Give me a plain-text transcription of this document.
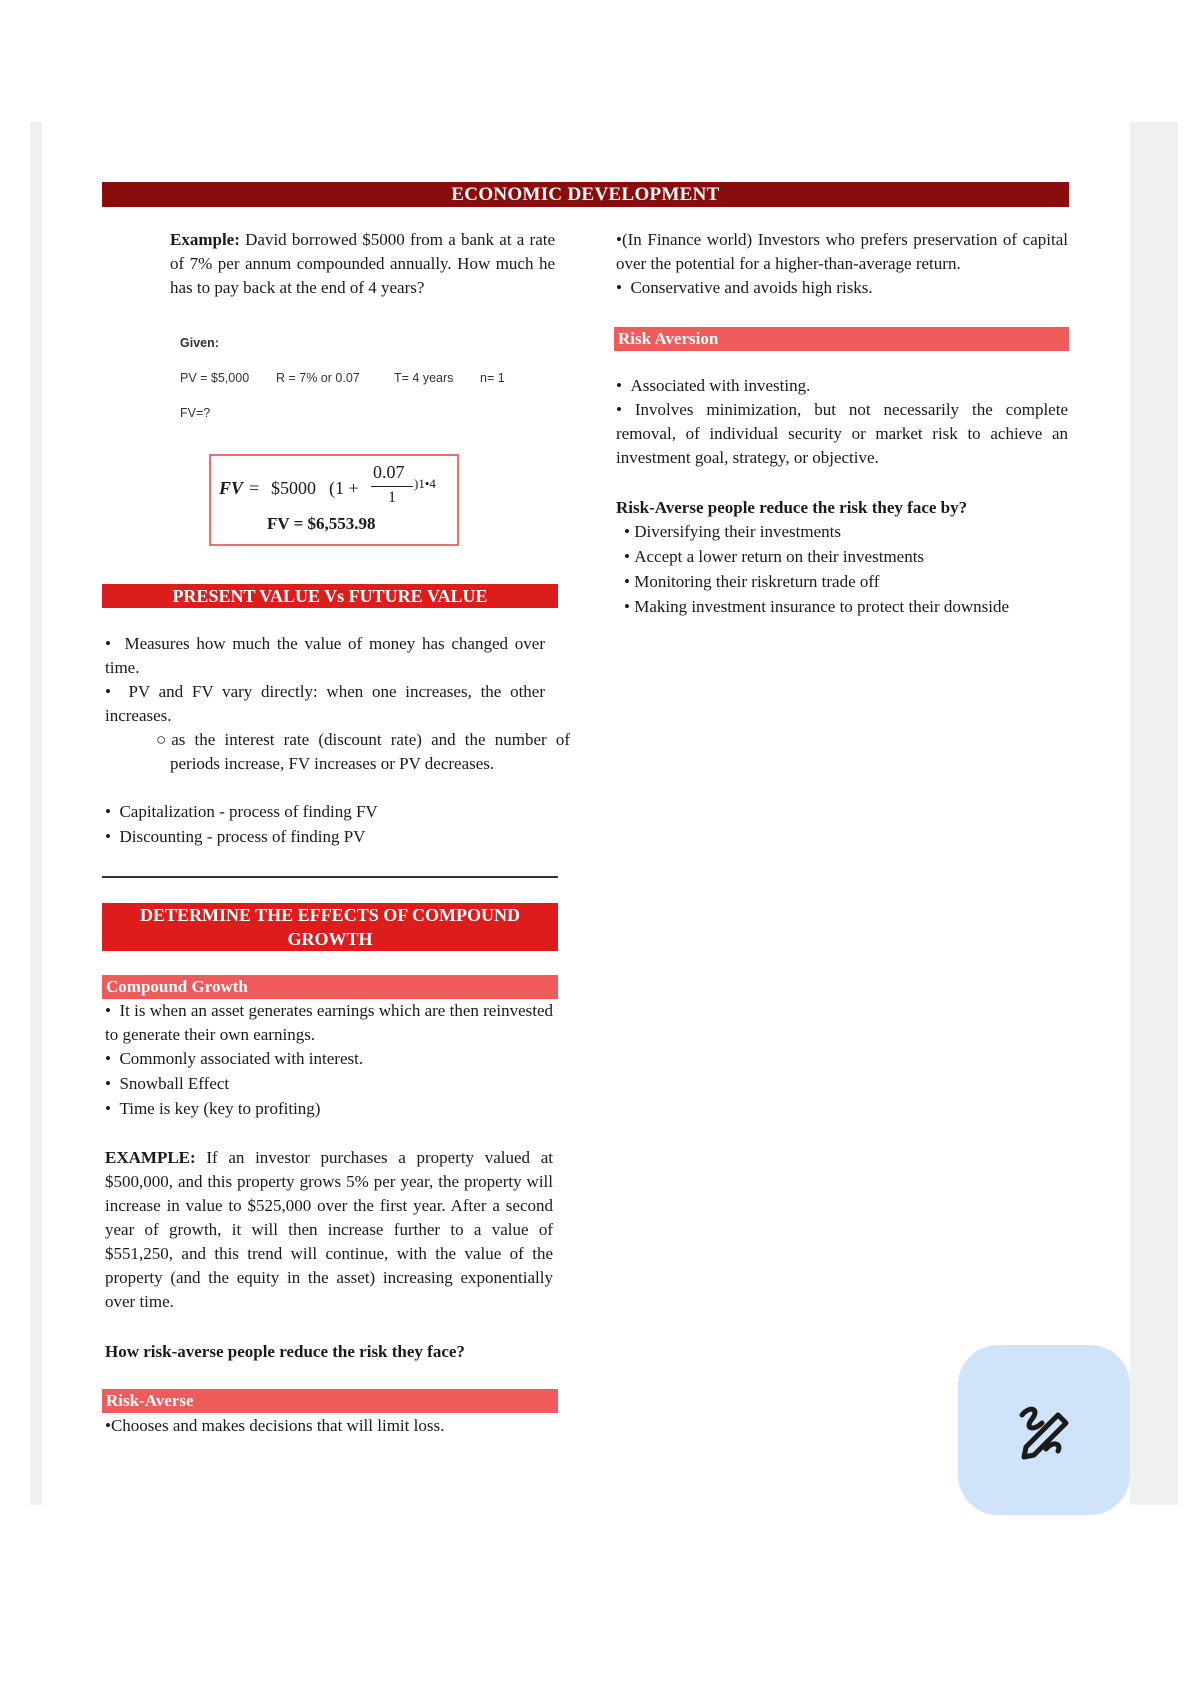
ECONOMIC DEVELOPMENT
Example: David borrowed $5000 from a bank at a rate of 7% per annum compounded annually. How much he has to pay back at the end of 4 years?
Given:
PV = $5,000 R = 7% or 0.07	T= 4 years n= 1
FV=?
FV = $5000 (1 +
0.07
1
)1•4
FV = $6,553.98
PRESENT VALUE Vs FUTURE VALUE
•  Measures how much the value of money has changed over time.
•  PV and FV vary directly: when one increases, the other increases.
○as the interest rate (discount rate) and the number of periods increase, FV increases or PV decreases.
•  Capitalization - process of finding FV
•  Discounting - process of finding PV
DETERMINE THE EFFECTS OF COMPOUND
GROWTH
Compound Growth
•  It is when an asset generates earnings which are then reinvested to generate their own earnings.
•  Commonly associated with interest.
•  Snowball Effect
•  Time is key (key to profiting)
EXAMPLE: If an investor purchases a property valued at $500,000, and this property grows 5% per year, the property will increase in value to $525,000 over the first year. After a second year of growth, it will then increase further to a value of $551,250, and this trend will continue, with the value of the property (and the equity in the asset) increasing exponentially over time.
How risk-averse people reduce the risk they face?
Risk-Averse
•Chooses and makes decisions that will limit loss.
•(In Finance world) Investors who prefers preservation of capital over the potential for a higher-than-average return.
•  Conservative and avoids high risks.
Risk Aversion
•  Associated with investing.
• Involves minimization, but not necessarily the complete removal, of individual security or market risk to achieve an investment goal, strategy, or objective.
Risk-Averse people reduce the risk they face by?
• Diversifying their investments
• Accept a lower return on their investments
• Monitoring their riskreturn trade off
• Making investment insurance to protect their downside
